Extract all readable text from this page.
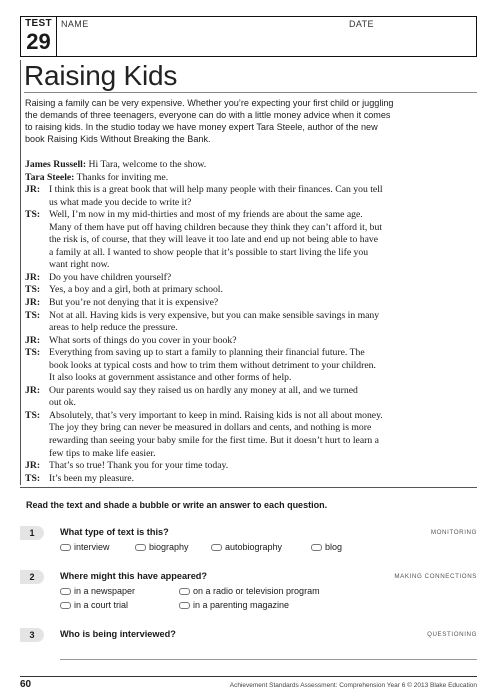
TEST
29
NAME	DATE
Raising Kids
Raising a family can be very expensive. Whether you’re expecting your first child or juggling
the demands of three teenagers, everyone can do with a little money advice when it comes
to raising kids. In the studio today we have money expert Tara Steele, author of the new
book Raising Kids Without Breaking the Bank.
James Russell: Hi Tara, welcome to the show.
Tara Steele: Thanks for inviting me.
JR: I think this is a great book that will help many people with their finances. Can you tell
us what made you decide to write it?
TS: Well, I’m now in my mid-thirties and most of my friends are about the same age.
Many of them have put off having children because they think they can’t afford it, but
the risk is, of course, that they will leave it too late and end up not being able to have
a family at all. I wanted to show people that it’s possible to start living the life you
want right now.
JR: Do you have children yourself?
TS: Yes, a boy and a girl, both at primary school.
JR: But you’re not denying that it is expensive?
TS: Not at all. Having kids is very expensive, but you can make sensible savings in many
areas to help reduce the pressure.
JR: What sorts of things do you cover in your book?
TS: Everything from saving up to start a family to planning their financial future. The
book looks at typical costs and how to trim them without detriment to your children.
It also looks at government assistance and other forms of help.
JR: Our parents would say they raised us on hardly any money at all, and we turned
out ok.
TS: Absolutely, that’s very important to keep in mind. Raising kids is not all about money.
The joy they bring can never be measured in dollars and cents, and nothing is more
rewarding than seeing your baby smile for the first time. But it doesn’t hurt to learn a
few tips to make life easier.
JR: That’s so true! Thank you for your time today.
TS: It’s been my pleasure.
Read the text and shade a bubble or write an answer to each question.
1	What type of text is this?	MONITORING
interview	biography	autobiography	blog
2	Where might this have appeared?	MAKING CONNECTIONS
in a newspaper	on a radio or television program
in a court trial	in a parenting magazine
3	Who is being interviewed?	QUESTIONING
60	Achievement Standards Assessment: Comprehension Year 6 © 2013 Blake Education
